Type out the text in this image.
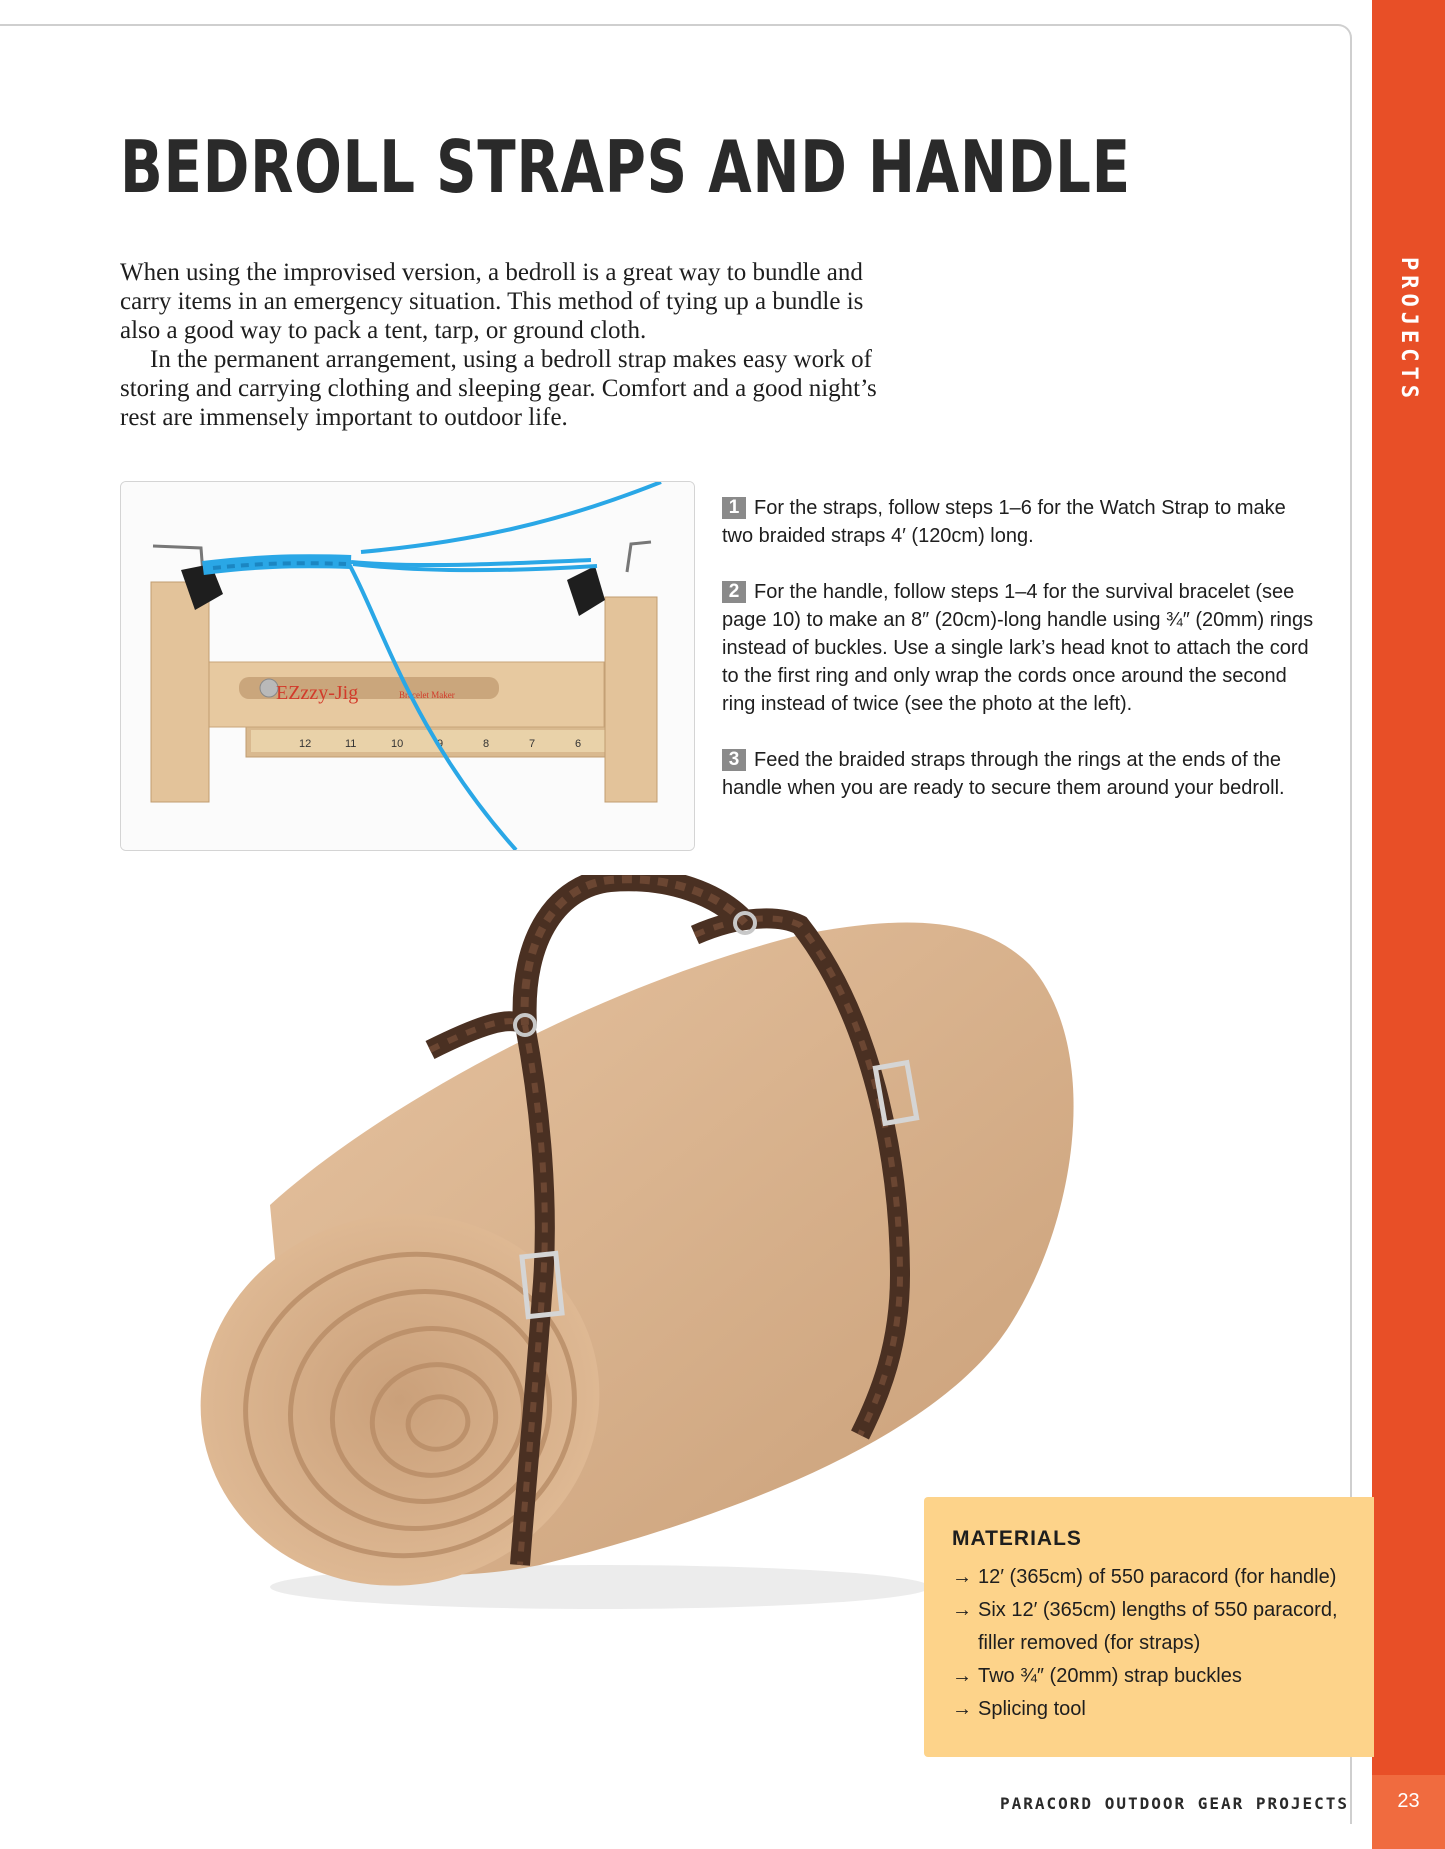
PROJECTS
BEDROLL STRAPS AND HANDLE

When using the improvised version, a bedroll is a great way to bundle and carry items in an emergency situation. This method of tying up a bundle is also a good way to pack a tent, tarp, or ground cloth.

In the permanent arrangement, using a bedroll strap makes easy work of storing and carrying clothing and sleeping gear. Comfort and a good night’s rest are immensely important to outdoor life.

12	11	10	9	8	7	6
EZzzy-Jig	Bracelet Maker

1 For the straps, follow steps 1–6 for the Watch Strap to make two braided straps 4′ (120cm) long.

2 For the handle, follow steps 1–4 for the survival bracelet (see page 10) to make an 8″ (20cm)-long handle using ¾″ (20mm) rings instead of buckles. Use a single lark’s head knot to attach the cord to the first ring and only wrap the cords once around the second ring instead of twice (see the photo at the left).

3 Feed the braided straps through the rings at the ends of the handle when you are ready to secure them around your bedroll.

MATERIALS
→ 12′ (365cm) of 550 paracord (for handle)
→ Six 12′ (365cm) lengths of 550 paracord, filler removed (for straps)
→ Two ¾″ (20mm) strap buckles
→ Splicing tool
PARACORD OUTDOOR GEAR PROJECTS	23
